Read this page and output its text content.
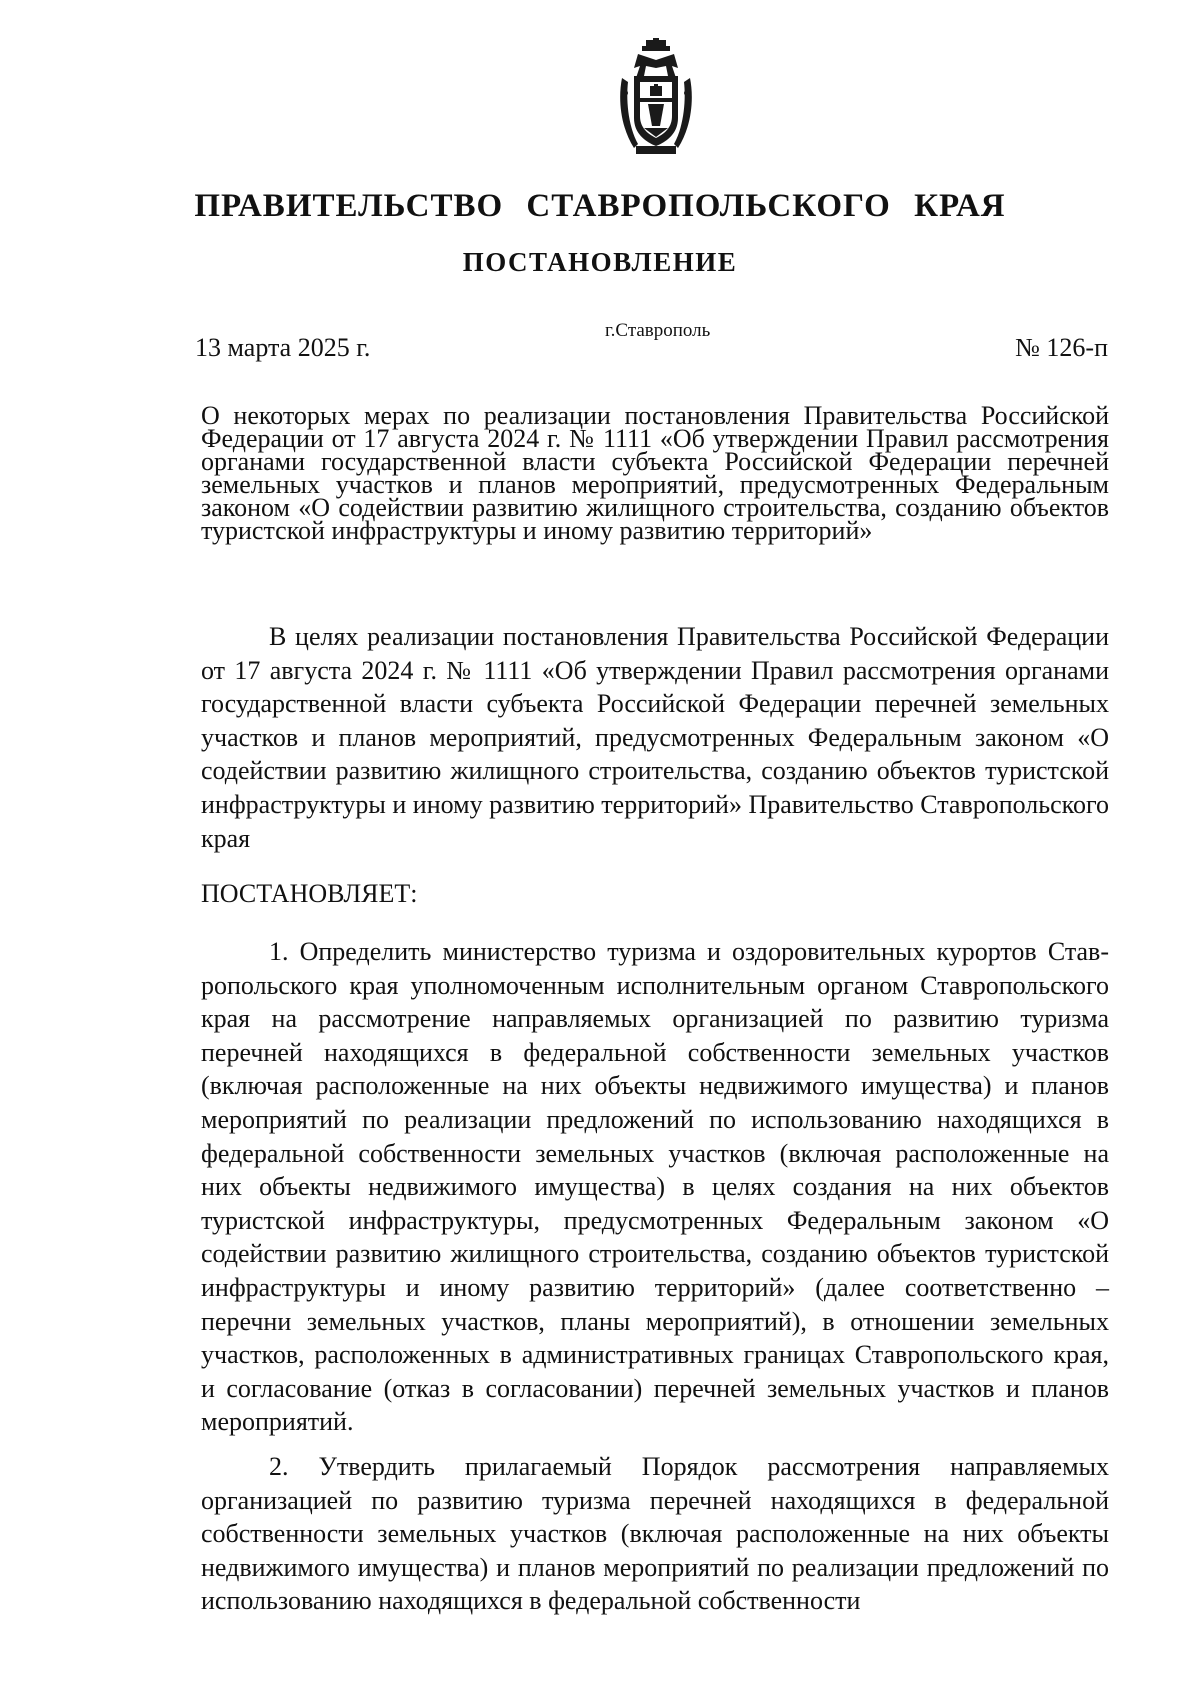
ПРАВИТЕЛЬСТВО СТАВРОПОЛЬСКОГО КРАЯ
ПОСТАНОВЛЕНИЕ
13 марта 2025 г.
г.Ставрополь
№ 126-п

О некоторых мерах по реализации постановления Правительства Российской Федерации от 17 августа 2024 г. № 1111 «Об утверждении Правил рассмотрения органами государственной власти субъекта Российской Федерации перечней земельных участков и планов мероприятий, предусмотренных Федеральным законом «О содействии развитию жилищного строительства, созданию объектов туристской инфраструктуры и иному развитию территорий»

В целях реализации постановления Правительства Российской Федерации от 17 августа 2024 г. № 1111 «Об утверждении Правил рассмотрения органами государственной власти субъекта Российской Федерации перечней земельных участков и планов мероприятий, предусмотренных Федеральным законом «О содействии развитию жилищного строительства, созданию объектов туристской инфраструктуры и иному развитию территорий» Правительство Ставропольского края

ПОСТАНОВЛЯЕТ:

1. Определить министерство туризма и оздоровительных курортов Ставропольского края уполномоченным исполнительным органом Ставропольского края на рассмотрение направляемых организацией по развитию туризма перечней находящихся в федеральной собственности земельных участков (включая расположенные на них объекты недвижимого имущества) и планов мероприятий по реализации предложений по использованию находящихся в федеральной собственности земельных участков (включая расположенные на них объекты недвижимого имущества) в целях создания на них объектов туристской инфраструктуры, предусмотренных Федеральным законом «О содействии развитию жилищного строительства, созданию объектов туристской инфраструктуры и иному развитию территорий» (далее соответственно – перечни земельных участков, планы мероприятий), в отношении земельных участков, расположенных в административных границах Ставропольского края, и согласование (отказ в согласовании) перечней земельных участков и планов мероприятий.

2. Утвердить прилагаемый Порядок рассмотрения направляемых организацией по развитию туризма перечней находящихся в федеральной собственности земельных участков (включая расположенные на них объекты недвижимого имущества) и планов мероприятий по реализации предложений по использованию находящихся в федеральной собственности
